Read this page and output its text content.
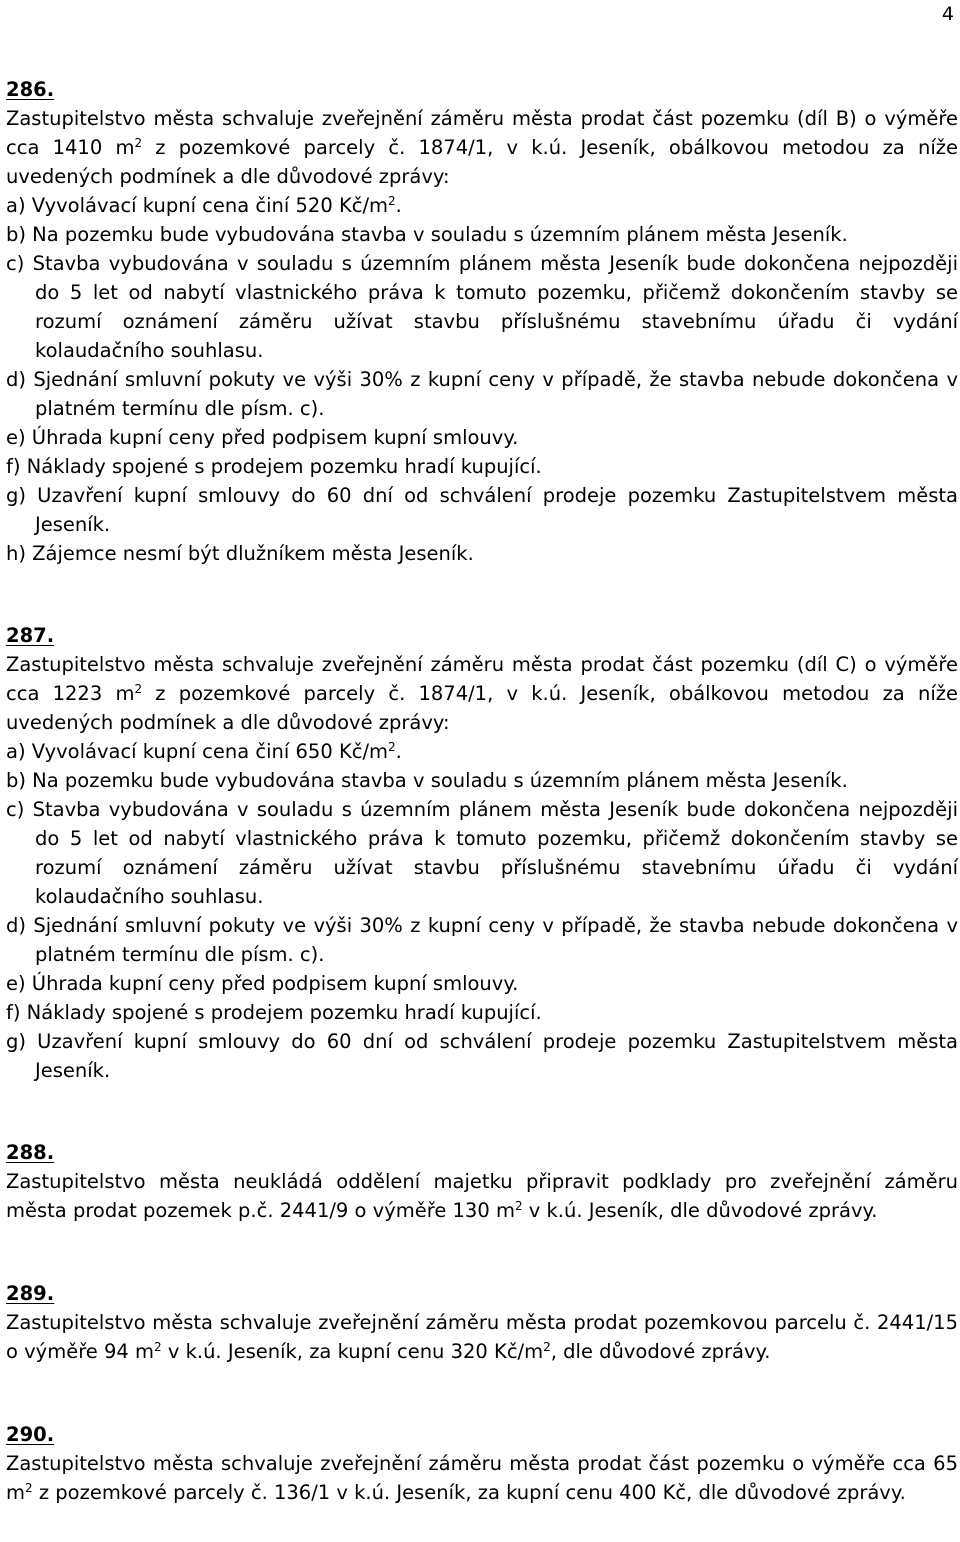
4
286.

Zastupitelstvo města schvaluje zveřejnění záměru města prodat část pozemku (díl B) o výměře cca 1410 $m^2$ z pozemkové parcely č. 1874/1, v k.ú. Jeseník, obálkovou metodou za níže uvedených podmínek a dle důvodové zprávy:

a) Vyvolávací kupní cena činí 520 $Kč/m^2$.

b) Na pozemku bude vybudována stavba v souladu s územním plánem města Jeseník.

c) Stavba vybudována v souladu s územním plánem města Jeseník bude dokončena nejpozději do 5 let od nabytí vlastnického práva k tomuto pozemku, přičemž dokončením stavby se rozumí oznámení záměru užívat stavbu příslušnému stavebnímu úřadu či vydání kolaudačního souhlasu.

d) Sjednání smluvní pokuty ve výši 30% z kupní ceny v případě, že stavba nebude dokončena v platném termínu dle písm. c).

e) Úhrada kupní ceny před podpisem kupní smlouvy.

f) Náklady spojené s prodejem pozemku hradí kupující.

g) Uzavření kupní smlouvy do 60 dní od schválení prodeje pozemku Zastupitelstvem města Jeseník.

h) Zájemce nesmí být dlužníkem města Jeseník.

287.

Zastupitelstvo města schvaluje zveřejnění záměru města prodat část pozemku (díl C) o výměře cca 1223 $m^2$ z pozemkové parcely č. 1874/1, v k.ú. Jeseník, obálkovou metodou za níže uvedených podmínek a dle důvodové zprávy:

a) Vyvolávací kupní cena činí 650 $Kč/m^2$.

b) Na pozemku bude vybudována stavba v souladu s územním plánem města Jeseník.

c) Stavba vybudována v souladu s územním plánem města Jeseník bude dokončena nejpozději do 5 let od nabytí vlastnického práva k tomuto pozemku, přičemž dokončením stavby se rozumí oznámení záměru užívat stavbu příslušnému stavebnímu úřadu či vydání kolaudačního souhlasu.

d) Sjednání smluvní pokuty ve výši 30% z kupní ceny v případě, že stavba nebude dokončena v platném termínu dle písm. c).

e) Úhrada kupní ceny před podpisem kupní smlouvy.

f) Náklady spojené s prodejem pozemku hradí kupující.

g) Uzavření kupní smlouvy do 60 dní od schválení prodeje pozemku Zastupitelstvem města Jeseník.

288.

Zastupitelstvo města neukládá oddělení majetku připravit podklady pro zveřejnění záměru města prodat pozemek p.č. 2441/9 o výměře 130 $m^2$ v k.ú. Jeseník, dle důvodové zprávy.

289.

Zastupitelstvo města schvaluje zveřejnění záměru města prodat pozemkovou parcelu č. 2441/15 o výměře 94 $m^2$ v k.ú. Jeseník, za kupní cenu 320 $Kč/m^2$, dle důvodové zprávy.

290.

Zastupitelstvo města schvaluje zveřejnění záměru města prodat část pozemku o výměře cca 65 $m^2$ z pozemkové parcely č. 136/1 v k.ú. Jeseník, za kupní cenu 400 Kč, dle důvodové zprávy.
